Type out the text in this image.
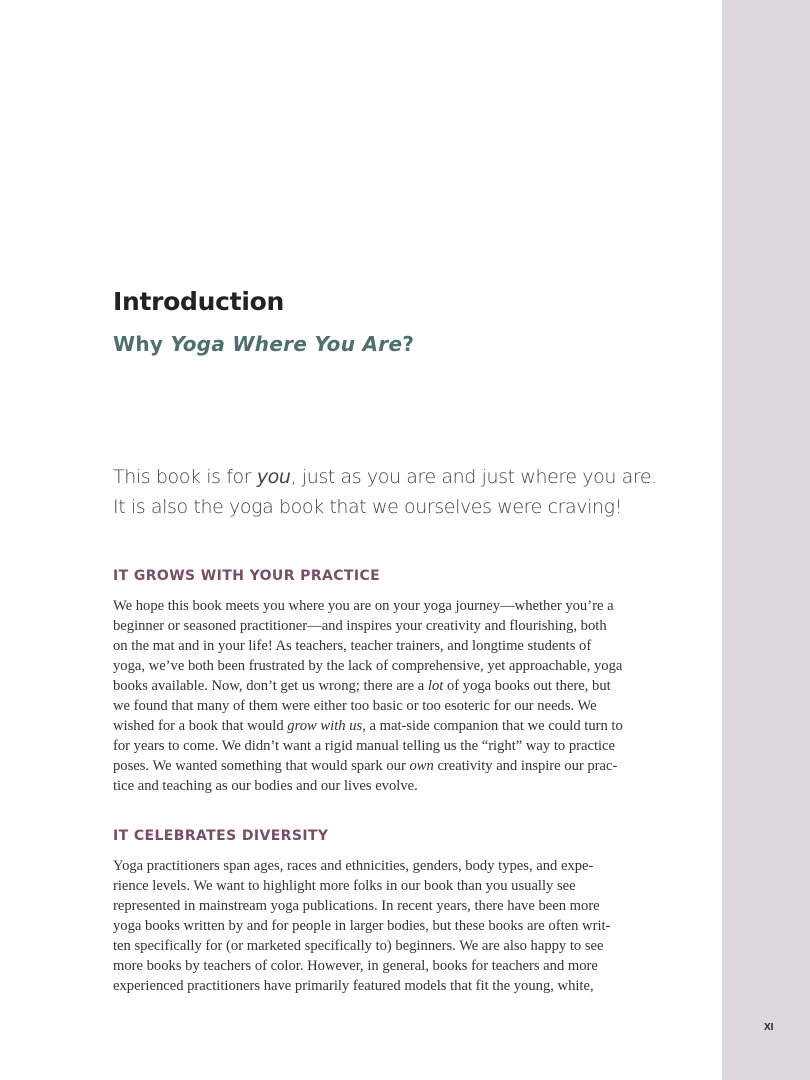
XI
Introduction
Why Yoga Where You Are?
This book is for you, just as you are and just where you are.
It is also the yoga book that we ourselves were craving!
IT GROWS WITH YOUR PRACTICE
We hope this book meets you where you are on your yoga journey—whether you’re a
beginner or seasoned practitioner—and inspires your creativity and flourishing, both
on the mat and in your life! As teachers, teacher trainers, and longtime students of
yoga, we’ve both been frustrated by the lack of comprehensive, yet approachable, yoga
books available. Now, don’t get us wrong; there are a lot of yoga books out there, but
we found that many of them were either too basic or too esoteric for our needs. We
wished for a book that would grow with us, a mat-side companion that we could turn to
for years to come. We didn’t want a rigid manual telling us the “right” way to practice
poses. We wanted something that would spark our own creativity and inspire our prac-
tice and teaching as our bodies and our lives evolve.
IT CELEBRATES DIVERSITY
Yoga practitioners span ages, races and ethnicities, genders, body types, and expe-
rience levels. We want to highlight more folks in our book than you usually see
represented in mainstream yoga publications. In recent years, there have been more
yoga books written by and for people in larger bodies, but these books are often writ-
ten specifically for (or marketed specifically to) beginners. We are also happy to see
more books by teachers of color. However, in general, books for teachers and more
experienced practitioners have primarily featured models that fit the young, white,
